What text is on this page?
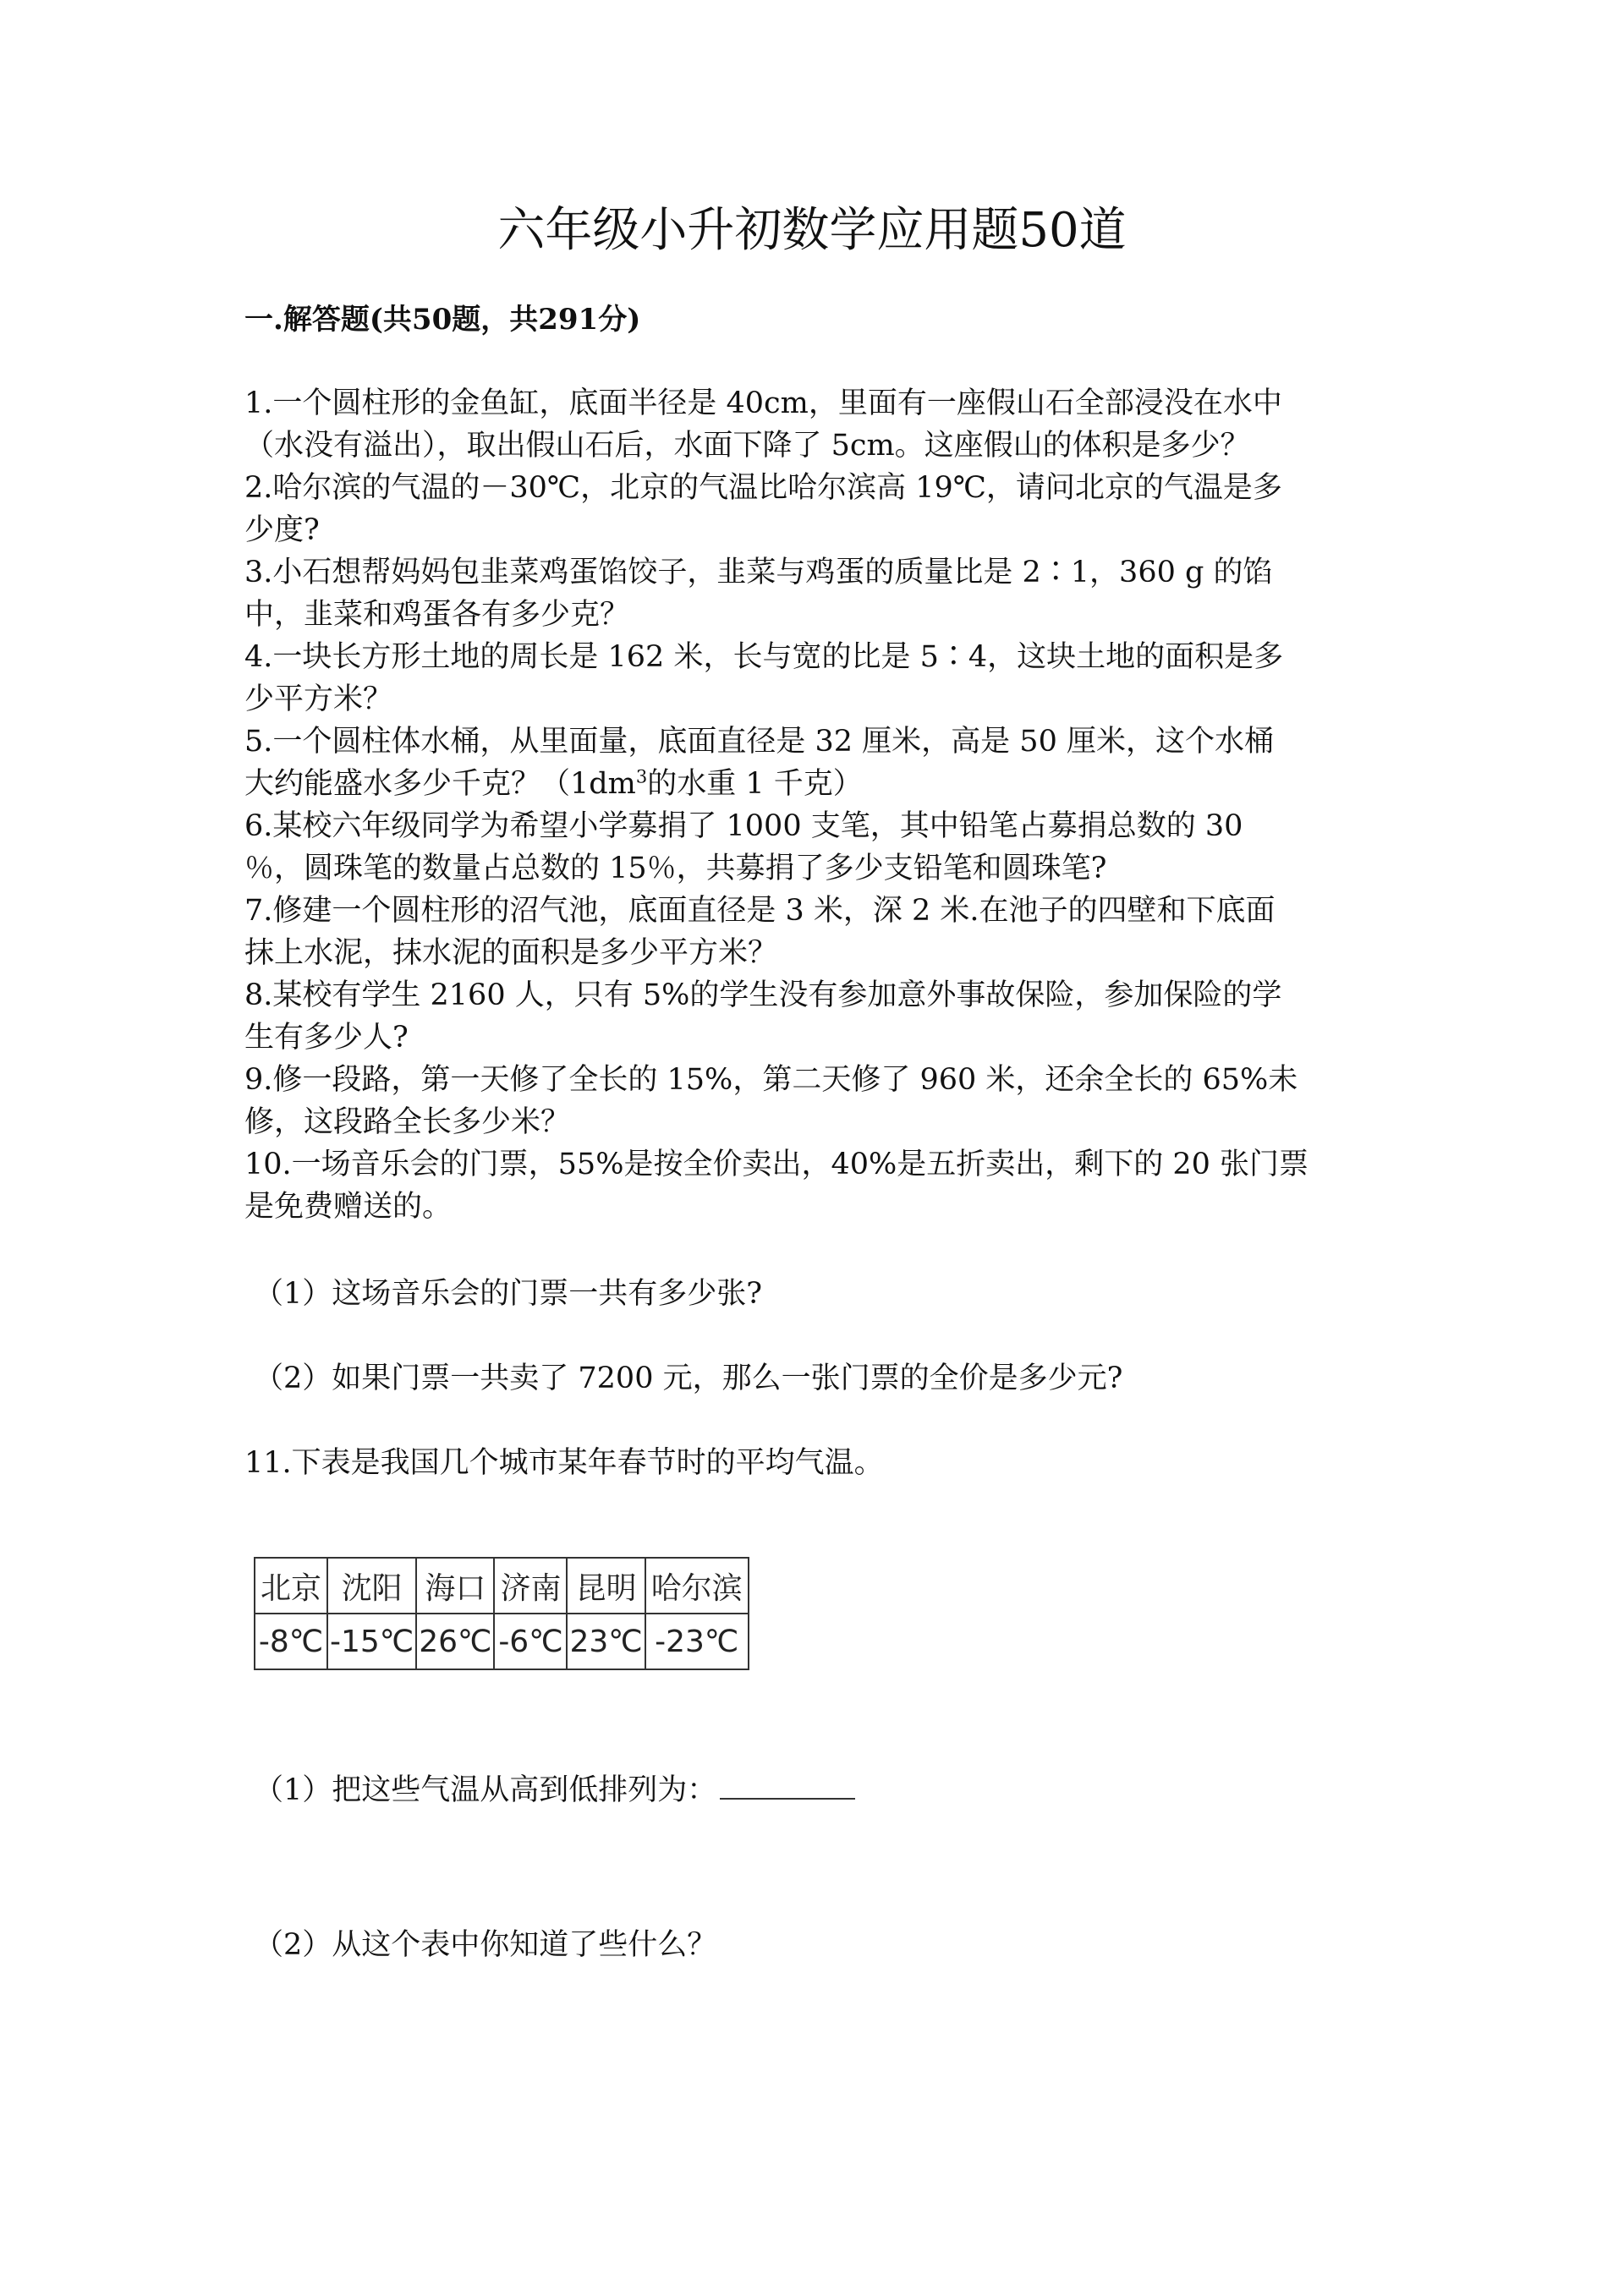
六年级小升初数学应用题50道
一.解答题(共50题，共291分)
1.一个圆柱形的金鱼缸，底面半径是 40cm，里面有一座假山石全部浸没在水中
（水没有溢出），取出假山石后，水面下降了 5cm。这座假山的体积是多少？
2.哈尔滨的气温的－30℃，北京的气温比哈尔滨高 19℃，请问北京的气温是多
少度?
3.小石想帮妈妈包韭菜鸡蛋馅饺子，韭菜与鸡蛋的质量比是 2∶1，360 g 的馅
中，韭菜和鸡蛋各有多少克？
4.一块长方形土地的周长是 162 米，长与宽的比是 5∶4，这块土地的面积是多
少平方米？
5.一个圆柱体水桶，从里面量，底面直径是 32 厘米，高是 50 厘米，这个水桶
大约能盛水多少千克？（$1dm^3$的水重 1 千克）
6.某校六年级同学为希望小学募捐了 1000 支笔，其中铅笔占募捐总数的 30
％，圆珠笔的数量占总数的 15％，共募捐了多少支铅笔和圆珠笔?
7.修建一个圆柱形的沼气池，底面直径是 3 米，深 2 米.在池子的四壁和下底面
抹上水泥，抹水泥的面积是多少平方米？
8.某校有学生 2160 人，只有 5%的学生没有参加意外事故保险，参加保险的学
生有多少人?
9.修一段路，第一天修了全长的 15%，第二天修了 960 米，还余全长的 65%未
修，这段路全长多少米？
10.一场音乐会的门票，55%是按全价卖出，40%是五折卖出，剩下的 20 张门票
是免费赠送的。
（1）这场音乐会的门票一共有多少张?
（2）如果门票一共卖了 7200 元，那么一张门票的全价是多少元?
11.下表是我国几个城市某年春节时的平均气温。
北京	沈阳	海口	济南	昆明	哈尔滨
-8℃	-15℃	26℃	-6℃	23℃	-23℃
（1）把这些气温从高到低排列为：
（2）从这个表中你知道了些什么？
